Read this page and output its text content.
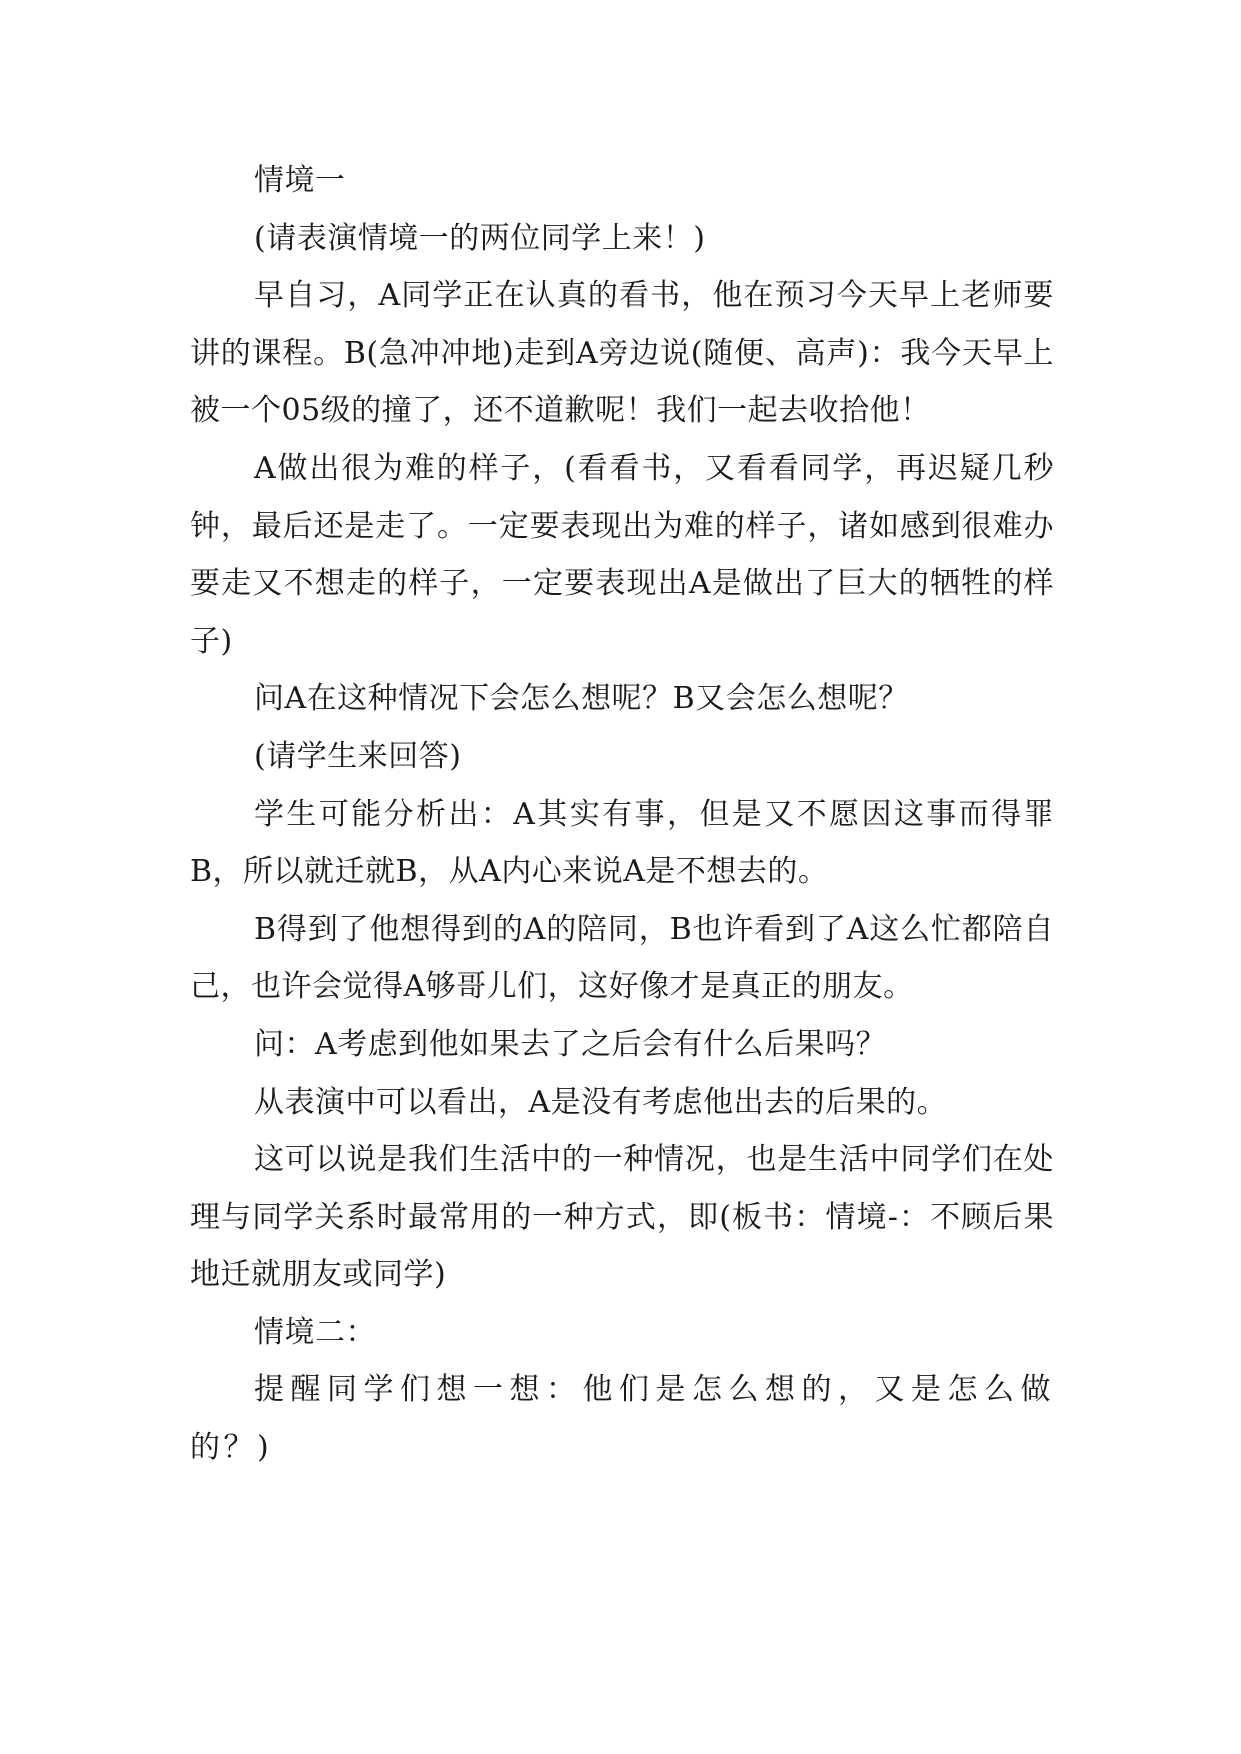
情境一

(请表演情境一的两位同学上来！)

早自习，A同学正在认真的看书，他在预习今天早上老师要讲的课程。B(急冲冲地)走到A旁边说(随便、高声)：我今天早上被一个05级的撞了，还不道歉呢！我们一起去收拾他！

A做出很为难的样子，(看看书，又看看同学，再迟疑几秒钟，最后还是走了。一定要表现出为难的样子，诸如感到很难办要走又不想走的样子，一定要表现出A是做出了巨大的牺牲的样子)

问A在这种情况下会怎么想呢？B又会怎么想呢？

(请学生来回答)

学生可能分析出：A其实有事，但是又不愿因这事而得罪B，所以就迁就B，从A内心来说A是不想去的。

B得到了他想得到的A的陪同，B也许看到了A这么忙都陪自己，也许会觉得A够哥儿们，这好像才是真正的朋友。

问：A考虑到他如果去了之后会有什么后果吗？

从表演中可以看出，A是没有考虑他出去的后果的。

这可以说是我们生活中的一种情况，也是生活中同学们在处理与同学关系时最常用的一种方式，即(板书：情境-：不顾后果地迁就朋友或同学)

情境二：

提醒同学们想一想：他们是怎么想的，又是怎么做的？)
